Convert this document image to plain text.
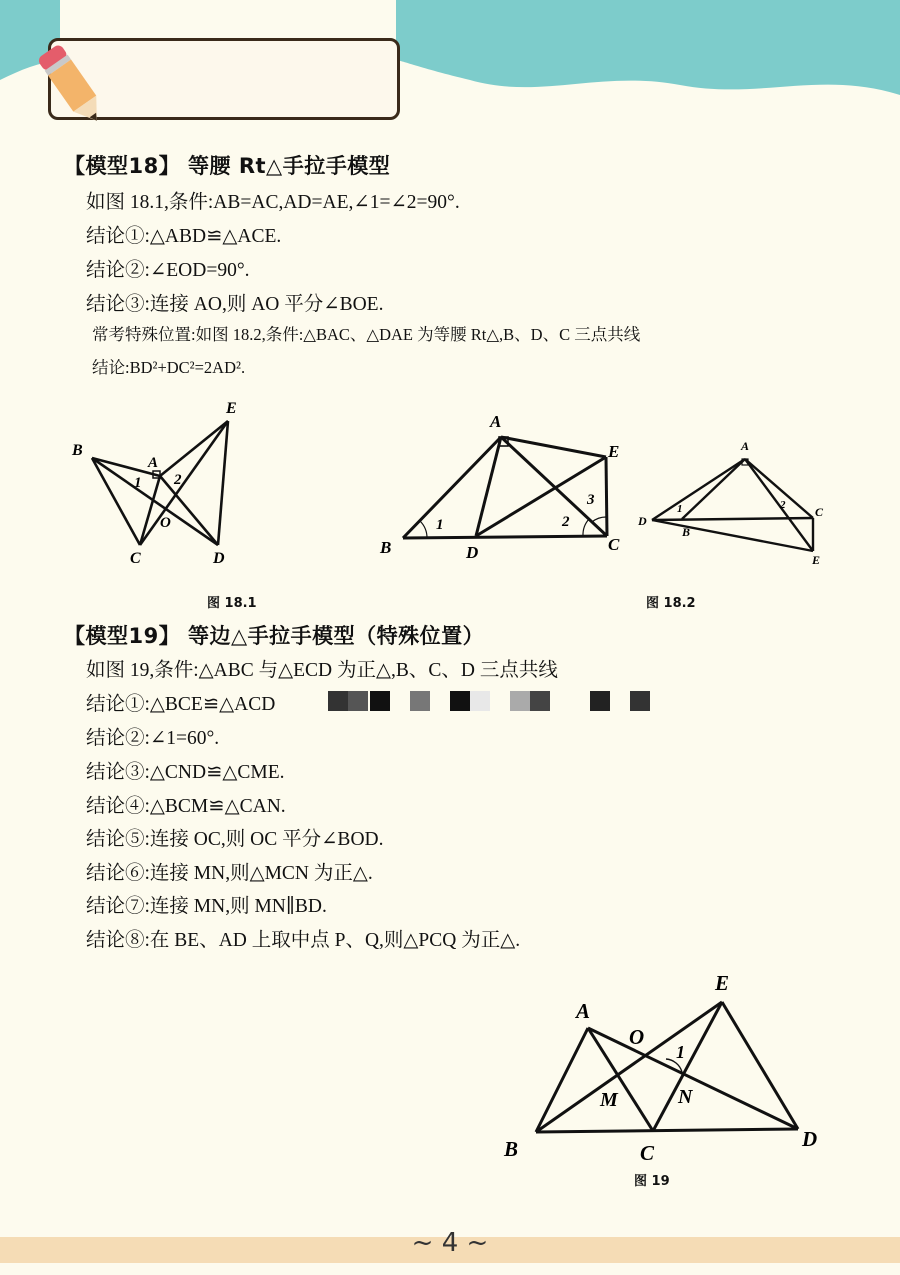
【模型18】 等腰 Rt△手拉手模型
如图 18.1,条件:AB=AC,AD=AE,∠1=∠2=90°.
结论①:△ABD≌△ACE.
结论②:∠EOD=90°.
结论③:连接 AO,则 AO 平分∠BOE.
常考特殊位置:如图 18.2,条件:△BAC、△DAE 为等腰 Rt△,B、D、C 三点共线
结论:BD²+DC²=2AD².
B
A
E
C	D
O
1 2
图 18.1
A
B	D	C
E
1	2
3
A
D
B
C
E
1	2
图 18.2
【模型19】 等边△手拉手模型（特殊位置）
如图 19,条件:△ABC 与△ECD 为正△,B、C、D 三点共线
结论①:△BCE≌△ACD
结论②:∠1=60°.
结论③:△CND≌△CME.
结论④:△BCM≌△CAN.
结论⑤:连接 OC,则 OC 平分∠BOD.
结论⑥:连接 MN,则△MCN 为正△.
结论⑦:连接 MN,则 MN∥BD.
结论⑧:在 BE、AD 上取中点 P、Q,则△PCQ 为正△.
A
E
O
1
M	N
B	C
D
图 19
~ 4 ~
